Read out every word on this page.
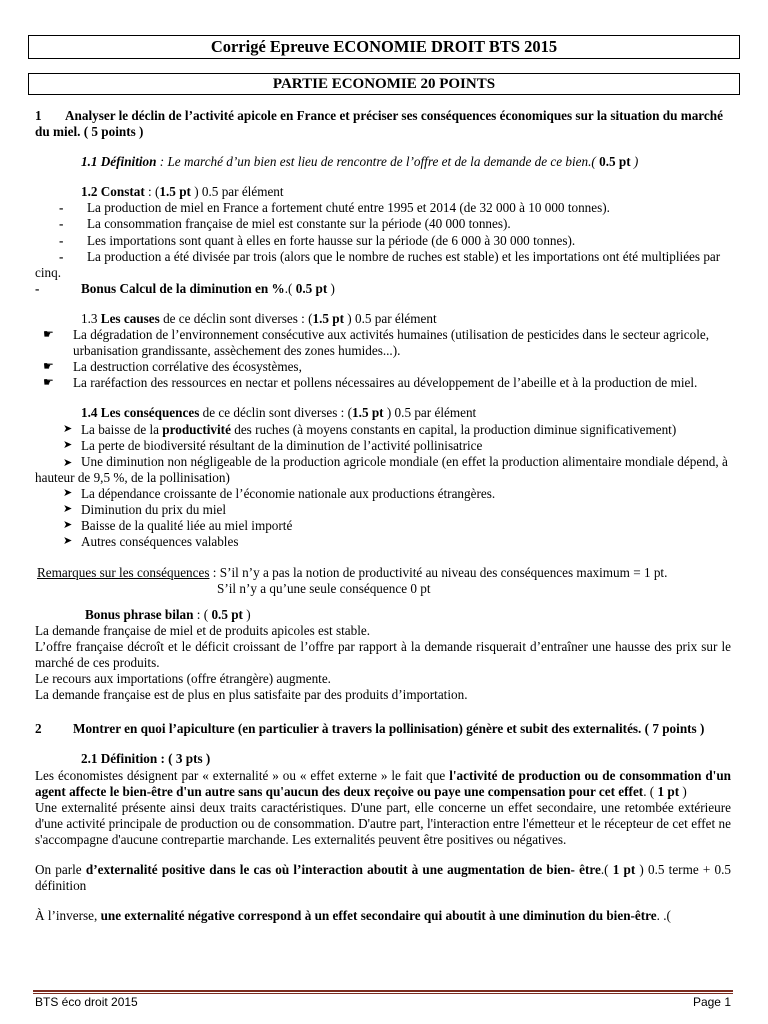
Corrigé Epreuve ECONOMIE DROIT BTS 2015
PARTIE ECONOMIE 20 POINTS
1 Analyser le déclin de l’activité apicole en France et préciser ses conséquences économiques sur la situation du marché du miel. ( 5 points )
1.1 Définition : Le marché d’un bien est lieu de rencontre de l’offre et de la demande de ce bien.( 0.5 pt )
1.2 Constat : (1.5 pt ) 0.5 par élément
-	La production de miel en France a fortement chuté entre 1995 et 2014 (de 32 000 à 10 000 tonnes).
-	La consommation française de miel est constante sur la période (40 000 tonnes).
-	Les importations sont quant à elles en forte hausse sur la période (de 6 000 à 30 000 tonnes).
- La production a été divisée par trois (alors que le nombre de ruches est stable) et les importations ont été multipliées par cinq.
-	Bonus Calcul de la diminution en %.( 0.5 pt )
1.3 Les causes de ce déclin sont diverses : (1.5 pt ) 0.5 par élément
☛	La dégradation de l’environnement consécutive aux activités humaines (utilisation de pesticides dans le secteur agricole, urbanisation grandissante, assèchement des zones humides...).
☛	La destruction corrélative des écosystèmes,
☛	La raréfaction des ressources en nectar et pollens nécessaires au développement de l’abeille et à la production de miel.
1.4 Les conséquences de ce déclin sont diverses : (1.5 pt ) 0.5 par élément
➤ La baisse de la productivité des ruches (à moyens constants en capital, la production diminue significativement)
➤ La perte de biodiversité résultant de la diminution de l’activité pollinisatrice
➤ Une diminution non négligeable de la production agricole mondiale (en effet la production alimentaire mondiale dépend, à hauteur de 9,5 %, de la pollinisation)
➤ La dépendance croissante de l’économie nationale aux productions étrangères.
➤ Diminution du prix du miel
➤ Baisse de la qualité liée au miel importé
➤ Autres conséquences valables
Remarques sur les conséquences : S’il n’y a pas la notion de productivité au niveau des conséquences maximum = 1 pt.
S’il n’y a qu’une seule conséquence 0 pt
Bonus phrase bilan : ( 0.5 pt )
La demande française de miel et de produits apicoles est stable.
L’offre française décroît et le déficit croissant de l’offre par rapport à la demande risquerait d’entraîner une hausse des prix sur le marché de ces produits.
Le recours aux importations (offre étrangère) augmente.
La demande française est de plus en plus satisfaite par des produits d’importation.
2 Montrer en quoi l’apiculture (en particulier à travers la pollinisation) génère et subit des externalités. ( 7 points )
2.1 Définition : ( 3 pts )
Les économistes désignent par « externalité » ou « effet externe » le fait que l'activité de production ou de consommation d'un agent affecte le bien-être d'un autre sans qu'aucun des deux reçoive ou paye une compensation pour cet effet. ( 1 pt )
Une externalité présente ainsi deux traits caractéristiques. D'une part, elle concerne un effet secondaire, une retombée extérieure d'une activité principale de production ou de consommation. D'autre part, l'interaction entre l'émetteur et le récepteur de cet effet ne s'accompagne d'aucune contrepartie marchande. Les externalités peuvent être positives ou négatives.
On parle d’externalité positive dans le cas où l’interaction aboutit à une augmentation de bien- être.( 1 pt ) 0.5 terme + 0.5 définition
À l’inverse, une externalité négative correspond à un effet secondaire qui aboutit à une diminution du bien-être. .(
BTS éco droit 2015	Page 1
